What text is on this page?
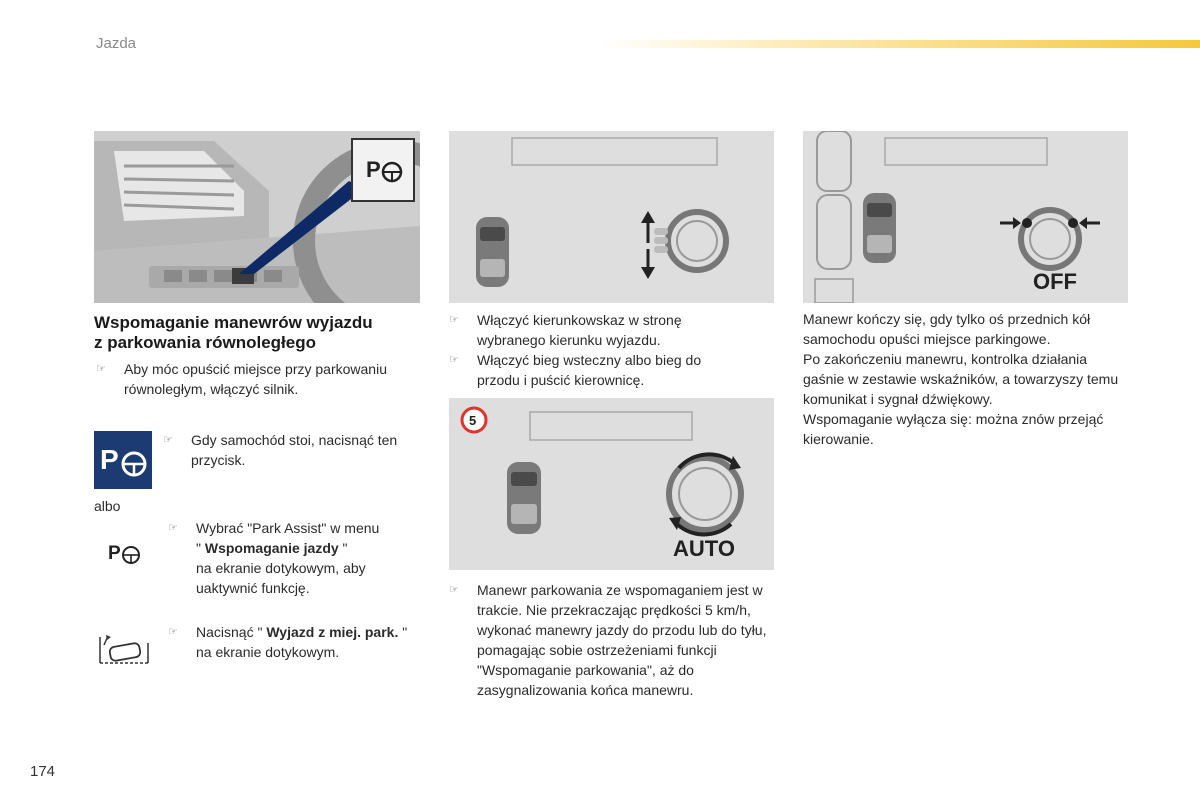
Jazda
P
Wspomaganie manewrów wyjazdu
z parkowania równoległego
☞	Aby móc opuścić miejsce przy parkowaniu równoległym, włączyć silnik.
P
☞	Gdy samochód stoi, nacisnąć ten przycisk.
albo
P
☞	Wybrać "Park Assist" w menu
" Wspomaganie jazdy "
na ekranie dotykowym, aby uaktywnić funkcję.
☞	Nacisnąć " Wyjazd z miej. park. " na ekranie dotykowym.
☞	Włączyć kierunkowskaz w stronę wybranego kierunku wyjazdu.
☞	Włączyć bieg wsteczny albo bieg do przodu i puścić kierownicę.
5
AUTO
☞	Manewr parkowania ze wspomaganiem jest w trakcie. Nie przekraczając prędkości 5 km/h, wykonać manewry jazdy do przodu lub do tyłu, pomagając sobie ostrzeżeniami funkcji "Wspomaganie parkowania", aż do zasygnalizowania końca manewru.
OFF
Manewr kończy się, gdy tylko oś przednich kół samochodu opuści miejsce parkingowe.
Po zakończeniu manewru, kontrolka działania gaśnie w zestawie wskaźników, a towarzyszy temu komunikat i sygnał dźwiękowy.
Wspomaganie wyłącza się: można znów przejąć kierowanie.
174
